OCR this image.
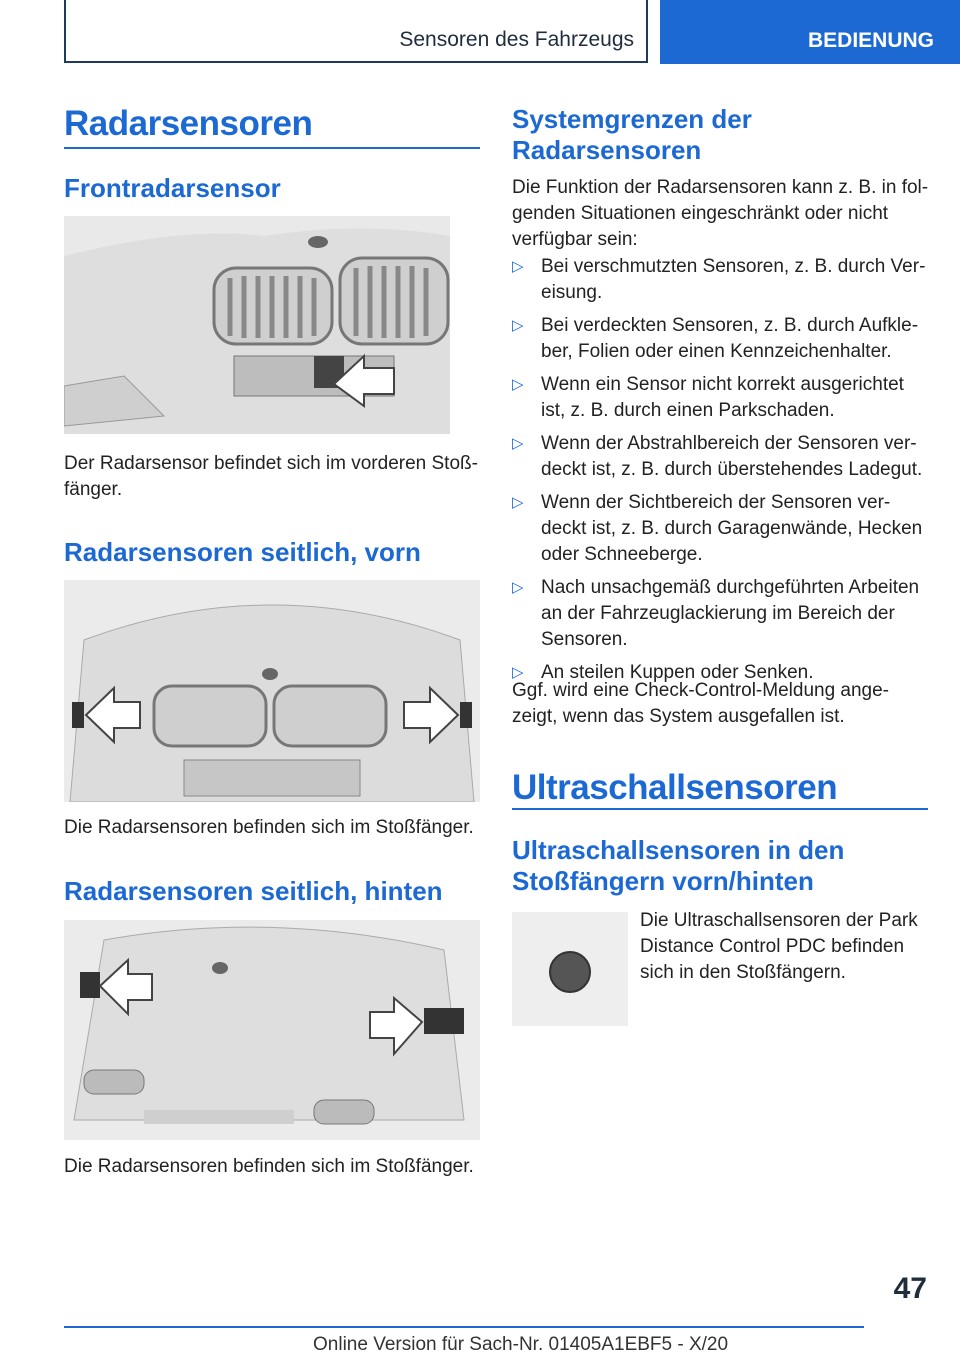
Sensoren des Fahrzeugs	BEDIENUNG
Radarsensoren
Frontradarsensor
Der Radarsensor befindet sich im vorderen Stoß‐
fänger.
Radarsensoren seitlich, vorn
Die Radarsensoren befinden sich im Stoßfänger.
Radarsensoren seitlich, hinten
Die Radarsensoren befinden sich im Stoßfänger.
Systemgrenzen der Radarsensoren
Die Funktion der Radarsensoren kann z. B. in fol‐ genden Situationen eingeschränkt oder nicht verfügbar sein:
▷ Bei verschmutzten Sensoren, z. B. durch Ver‐ eisung.
▷ Bei verdeckten Sensoren, z. B. durch Aufkle‐ ber, Folien oder einen Kennzeichenhalter.
▷ Wenn ein Sensor nicht korrekt ausgerichtet ist, z. B. durch einen Parkschaden.
▷ Wenn der Abstrahlbereich der Sensoren ver‐ deckt ist, z. B. durch überstehendes Ladegut.
▷ Wenn der Sichtbereich der Sensoren ver‐ deckt ist, z. B. durch Garagenwände, Hecken oder Schneeberge.
▷ Nach unsachgemäß durchgeführten Arbeiten an der Fahrzeuglackierung im Bereich der Sensoren.
▷ An steilen Kuppen oder Senken.
Ggf. wird eine Check-Control-Meldung ange‐ zeigt, wenn das System ausgefallen ist.
Ultraschallsensoren
Ultraschallsensoren in den Stoßfängern vorn/hinten
Die Ultraschallsensoren der Park Distance Control PDC befinden sich in den Stoßfängern.
47
Online Version für Sach-Nr. 01405A1EBF5 - X/20
